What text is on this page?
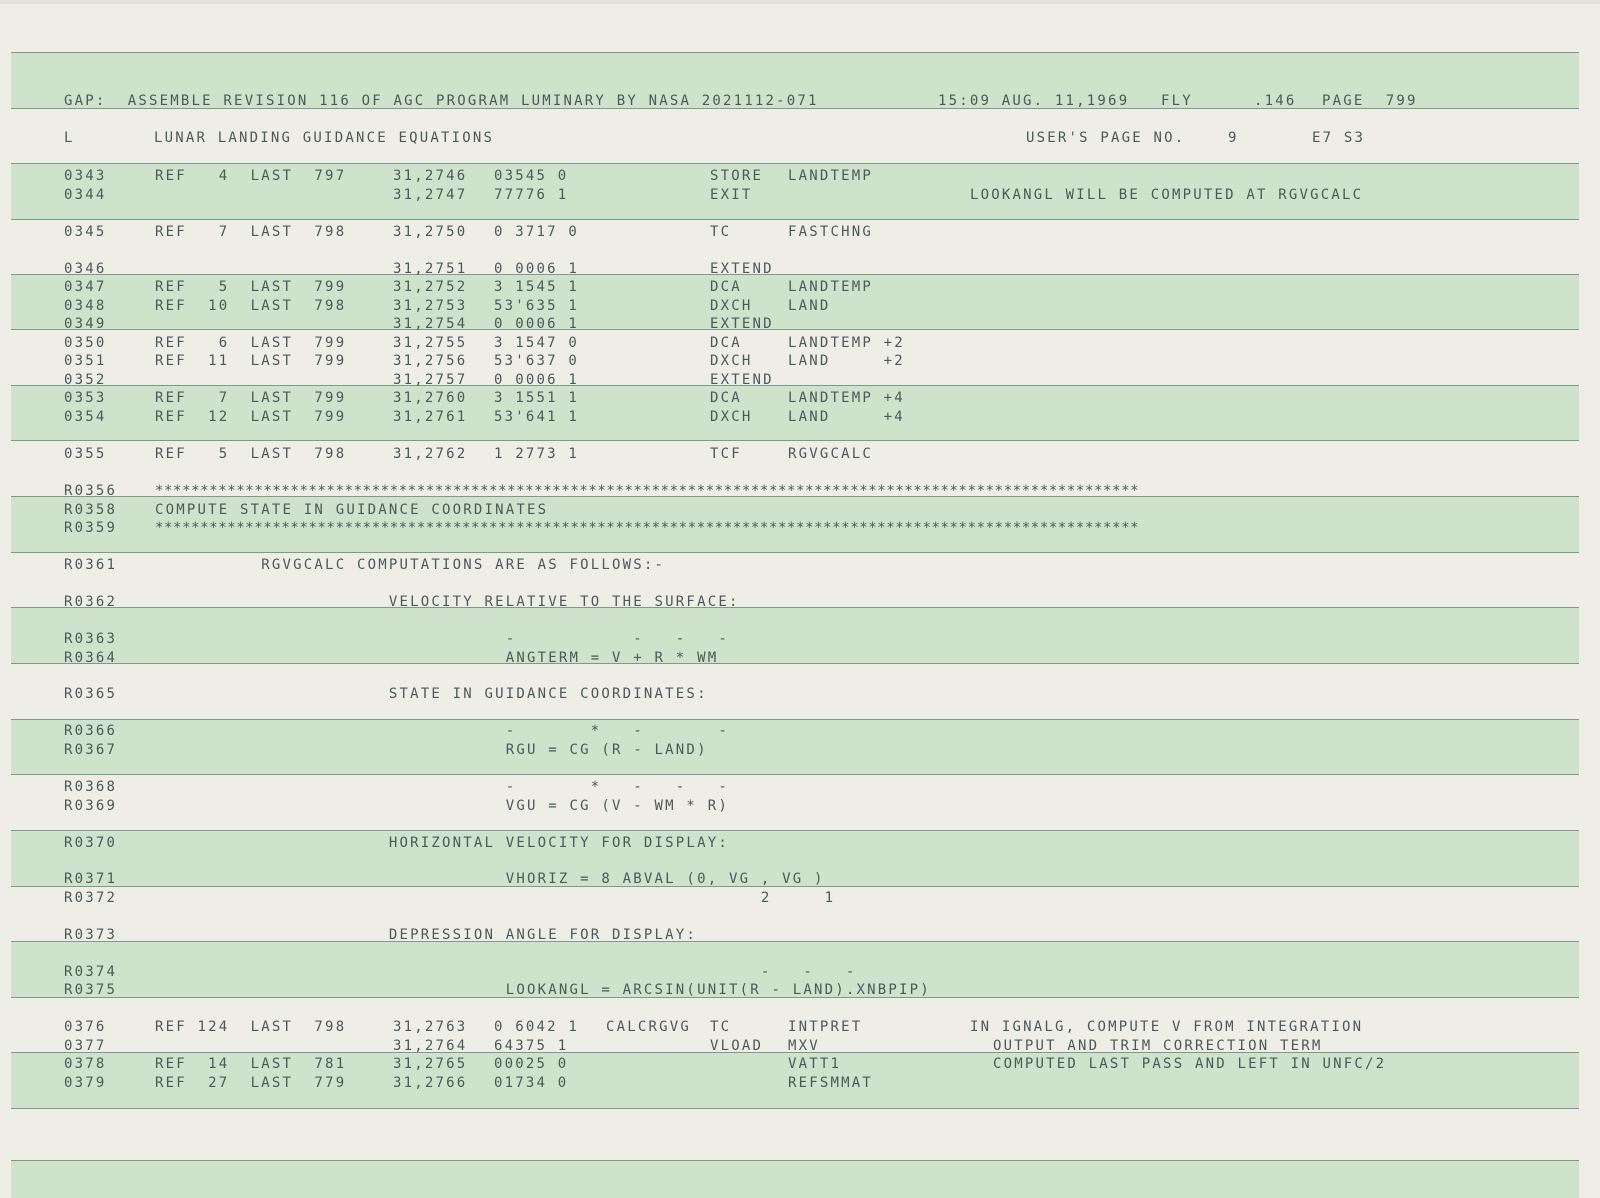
GAP:  ASSEMBLE REVISION 116 OF AGC PROGRAM LUMINARY BY NASA 2021112-071	15:09 AUG. 11,1969 FLY	.146 PAGE  799
L	LUNAR LANDING GUIDANCE EQUATIONS	USER'S PAGE NO.    9	E7 S3
0343	REF   4  LAST  797	31,2746 03545 0	STORE LANDTEMP
0344	31,2747 77776 1	EXIT	LOOKANGL WILL BE COMPUTED AT RGVGCALC
0345	REF   7  LAST  798	31,2750 0 3717 0	TC	FASTCHNG
0346	31,2751 0 0006 1	EXTEND
0347	REF   5  LAST  799	31,2752 3 1545 1	DCA	LANDTEMP
0348	REF  10  LAST  798	31,2753 53'635 1	DXCH	LAND
0349	31,2754 0 0006 1	EXTEND
0350	REF   6  LAST  799	31,2755 3 1547 0	DCA	LANDTEMP +2
0351	REF  11  LAST  799	31,2756 53'637 0	DXCH	LAND     +2
0352	31,2757 0 0006 1	EXTEND
0353	REF   7  LAST  799	31,2760 3 1551 1	DCA	LANDTEMP +4
0354	REF  12  LAST  799	31,2761 53'641 1	DXCH	LAND     +4
0355	REF   5  LAST  798	31,2762 1 2773 1	TCF	RGVGCALC
R0356	*************************************************************************************************************
R0358	COMPUTE STATE IN GUIDANCE COORDINATES
R0359	*************************************************************************************************************
R0361	RGVGCALC COMPUTATIONS ARE AS FOLLOWS:-
R0362	VELOCITY RELATIVE TO THE SURFACE:
R0363	-           -   -   -
R0364	ANGTERM = V + R * WM
R0365	STATE IN GUIDANCE COORDINATES:
R0366	-       *   -       -
R0367	RGU = CG (R - LAND)
R0368	-       *   -   -   -
R0369	VGU = CG (V - WM * R)
R0370	HORIZONTAL VELOCITY FOR DISPLAY:
R0371	VHORIZ = 8 ABVAL (0, VG , VG )
R0372	2     1
R0373	DEPRESSION ANGLE FOR DISPLAY:
R0374	-   -   -
R0375	LOOKANGL = ARCSIN(UNIT(R - LAND).XNBPIP)
0376	REF 124  LAST  798	31,2763 0 6042 1 CALCRGVG TC	INTPRET	IN IGNALG, COMPUTE V FROM INTEGRATION
0377	31,2764 64375 1	VLOAD MXV	OUTPUT AND TRIM CORRECTION TERM
0378	REF  14  LAST  781	31,2765 00025 0	VATT1	COMPUTED LAST PASS AND LEFT IN UNFC/2
0379	REF  27  LAST  779	31,2766 01734 0	REFSMMAT
